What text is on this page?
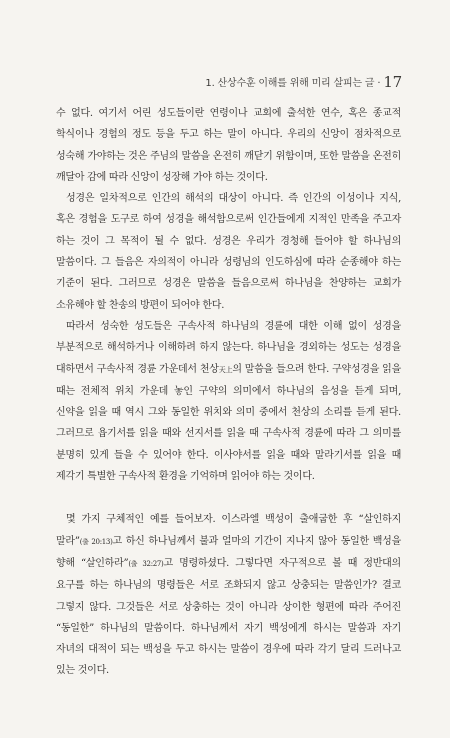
1. 산상수훈 이해를 위해 미리 살피는 글 · 17

수 없다. 여기서 어린 성도들이란 연령이나 교회에 출석한 연수, 혹은 종교적 학식이나 경험의 정도 등을 두고 하는 말이 아니다. 우리의 신앙이 점차적으로 성숙해 가야하는 것은 주님의 말씀을 온전히 깨닫기 위함이며, 또한 말씀을 온전히 깨달아 감에 따라 신앙이 성장해 가야 하는 것이다.

성경은 일차적으로 인간의 해석의 대상이 아니다. 즉 인간의 이성이나 지식, 혹은 경험을 도구로 하여 성경을 해석함으로써 인간들에게 지적인 만족을 주고자 하는 것이 그 목적이 될 수 없다. 성경은 우리가 경청해 들어야 할 하나님의 말씀이다. 그 들음은 자의적이 아니라 성령님의 인도하심에 따라 순종해야 하는 기준이 된다. 그러므로 성경은 말씀을 들음으로써 하나님을 찬양하는 교회가 소유해야 할 찬송의 방편이 되어야 한다.

따라서 성숙한 성도들은 구속사적 하나님의 경륜에 대한 이해 없이 성경을 부분적으로 해석하거나 이해하려 하지 않는다. 하나님을 경외하는 성도는 성경을 대하면서 구속사적 경륜 가운데서 천상天上의 말씀을 들으려 한다. 구약성경을 읽을 때는 전체적 위치 가운데 놓인 구약의 의미에서 하나님의 음성을 듣게 되며, 신약을 읽을 때 역시 그와 동일한 위치와 의미 중에서 천상의 소리를 듣게 된다. 그러므로 욥기서를 읽을 때와 선지서를 읽을 때 구속사적 경륜에 따라 그 의미를 분명히 있게 들을 수 있어야 한다. 이사야서를 읽을 때와 말라기서를 읽을 때 제각기 특별한 구속사적 환경을 기억하며 읽어야 하는 것이다.

몇 가지 구체적인 예를 들어보자. 이스라엘 백성이 출애굽한 후 “살인하지 말라”(출 20:13)고 하신 하나님께서 불과 얼마의 기간이 지나지 않아 동일한 백성을 향해 “살인하라”(출 32:27)고 명령하셨다. 그렇다면 자구적으로 볼 때 정반대의 요구를 하는 하나님의 명령들은 서로 조화되지 않고 상충되는 말씀인가? 결코 그렇지 않다. 그것들은 서로 상충하는 것이 아니라 상이한 형편에 따라 주어진 “동일한” 하나님의 말씀이다. 하나님께서 자기 백성에게 하시는 말씀과 자기 자녀의 대적이 되는 백성을 두고 하시는 말씀이 경우에 따라 각기 달리 드러나고 있는 것이다.
